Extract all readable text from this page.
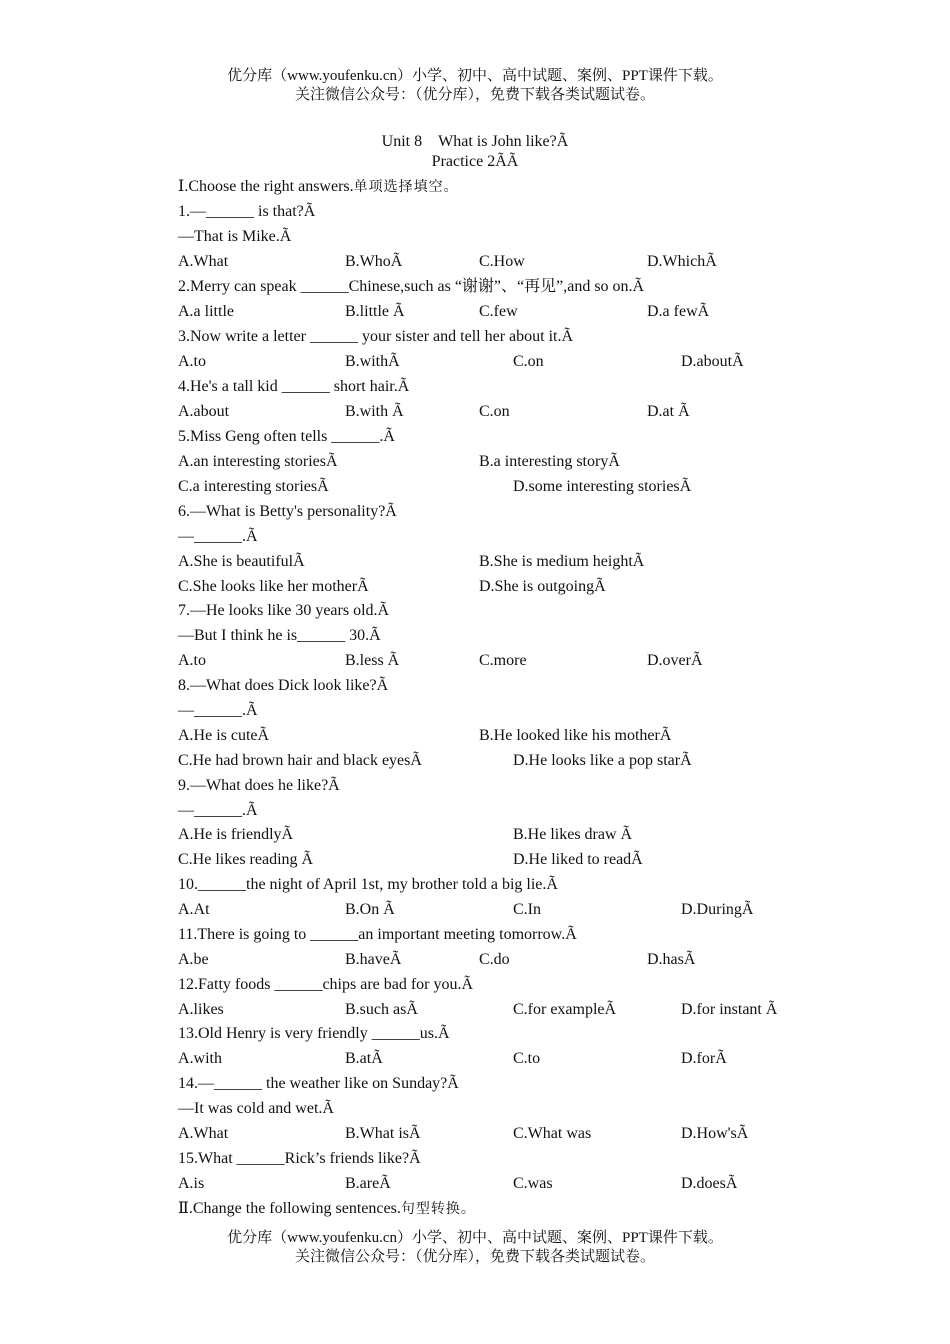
优分库（www.youfenku.cn）小学、初中、高中试题、案例、PPT课件下载。
关注微信公众号：（优分库），免费下载各类试题试卷。
Unit 8　What is John like?Ã
Practice 2ÃÃ
Ⅰ.Choose the right answers.单项选择填空。
1.—______ is that?Ã
—That is Mike.Ã
A.What	B.WhoÃ	C.How	D.WhichÃ
2.Merry can speak ______Chinese,such as “谢谢”、“再见”,and so on.Ã
A.a little	B.little Ã	C.few	D.a fewÃ
3.Now write a letter ______ your sister and tell her about it.Ã
A.to	B.withÃ	C.on	D.aboutÃ
4.He's a tall kid ______ short hair.Ã
A.about	B.with Ã	C.on	D.at Ã
5.Miss Geng often tells ______.Ã
A.an interesting storiesÃ	B.a interesting storyÃ
C.a interesting storiesÃ	D.some interesting storiesÃ
6.—What is Betty's personality?Ã
—______.Ã
A.She is beautifulÃ	B.She is medium heightÃ
C.She looks like her motherÃ	D.She is outgoingÃ
7.—He looks like 30 years old.Ã
—But I think he is______ 30.Ã
A.to	B.less Ã	C.more	D.overÃ
8.—What does Dick look like?Ã
—______.Ã
A.He is cuteÃ	B.He looked like his motherÃ
C.He had brown hair and black eyesÃ	D.He looks like a pop starÃ
9.—What does he like?Ã
—______.Ã
A.He is friendlyÃ	B.He likes draw Ã
C.He likes reading Ã	D.He liked to readÃ
10.______the night of April 1st, my brother told a big lie.Ã
A.At	B.On Ã	C.In	D.DuringÃ
11.There is going to ______an important meeting tomorrow.Ã
A.be	B.haveÃ	C.do	D.hasÃ
12.Fatty foods ______chips are bad for you.Ã
A.likes	B.such asÃ	C.for exampleÃ	D.for instant Ã
13.Old Henry is very friendly ______us.Ã
A.with	B.atÃ	C.to	D.forÃ
14.—______ the weather like on Sunday?Ã
—It was cold and wet.Ã
A.What	B.What isÃ	C.What was	D.How'sÃ
15.What ______Rick’s friends like?Ã
A.is	B.areÃ	C.was	D.doesÃ
Ⅱ.Change the following sentences.句型转换。
优分库（www.youfenku.cn）小学、初中、高中试题、案例、PPT课件下载。
关注微信公众号：（优分库），免费下载各类试题试卷。
